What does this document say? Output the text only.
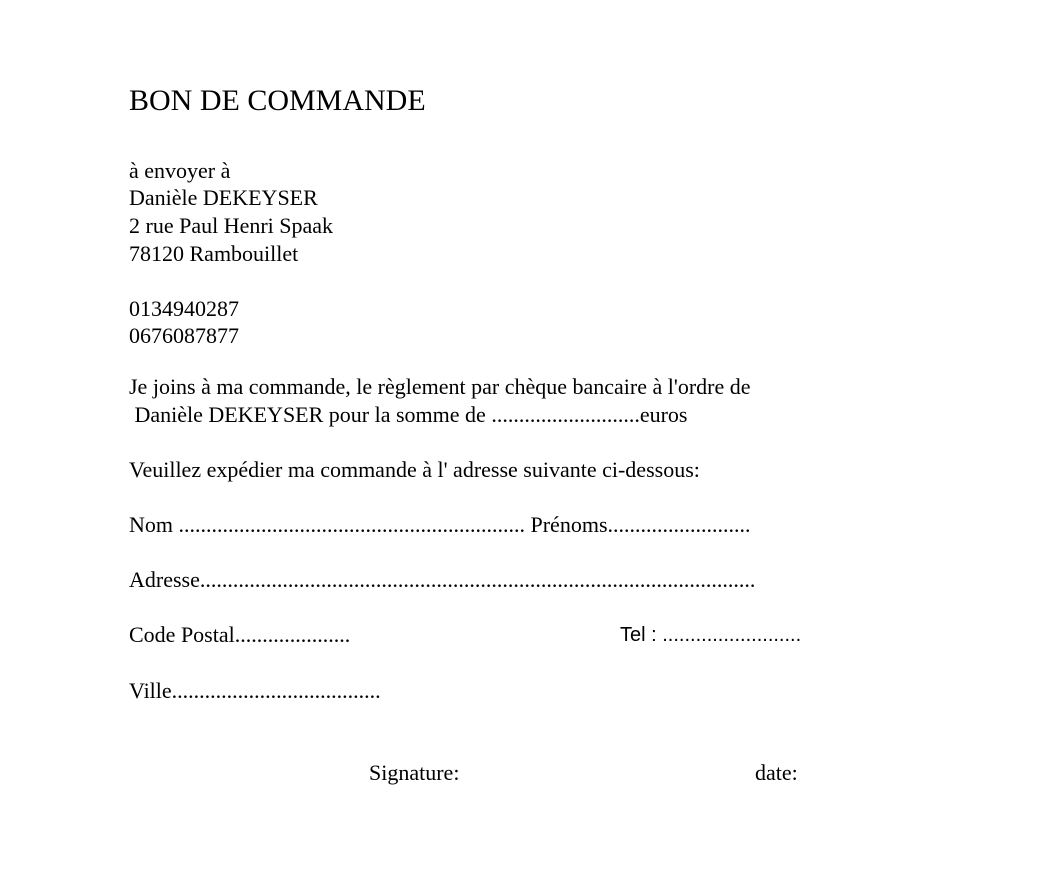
BON DE COMMANDE
à envoyer à
Danièle DEKEYSER
2 rue Paul Henri Spaak
78120 Rambouillet
0134940287
0676087877
Je joins à ma commande, le règlement par chèque bancaire à l'ordre de
Danièle DEKEYSER pour la somme de ...........................euros
Veuillez expédier ma commande à l' adresse suivante ci-dessous:
Nom ............................................................... Prénoms..........................
Adresse.....................................................................................................
Code Postal.....................	Tel : .........................
Ville......................................
Signature:	date:
